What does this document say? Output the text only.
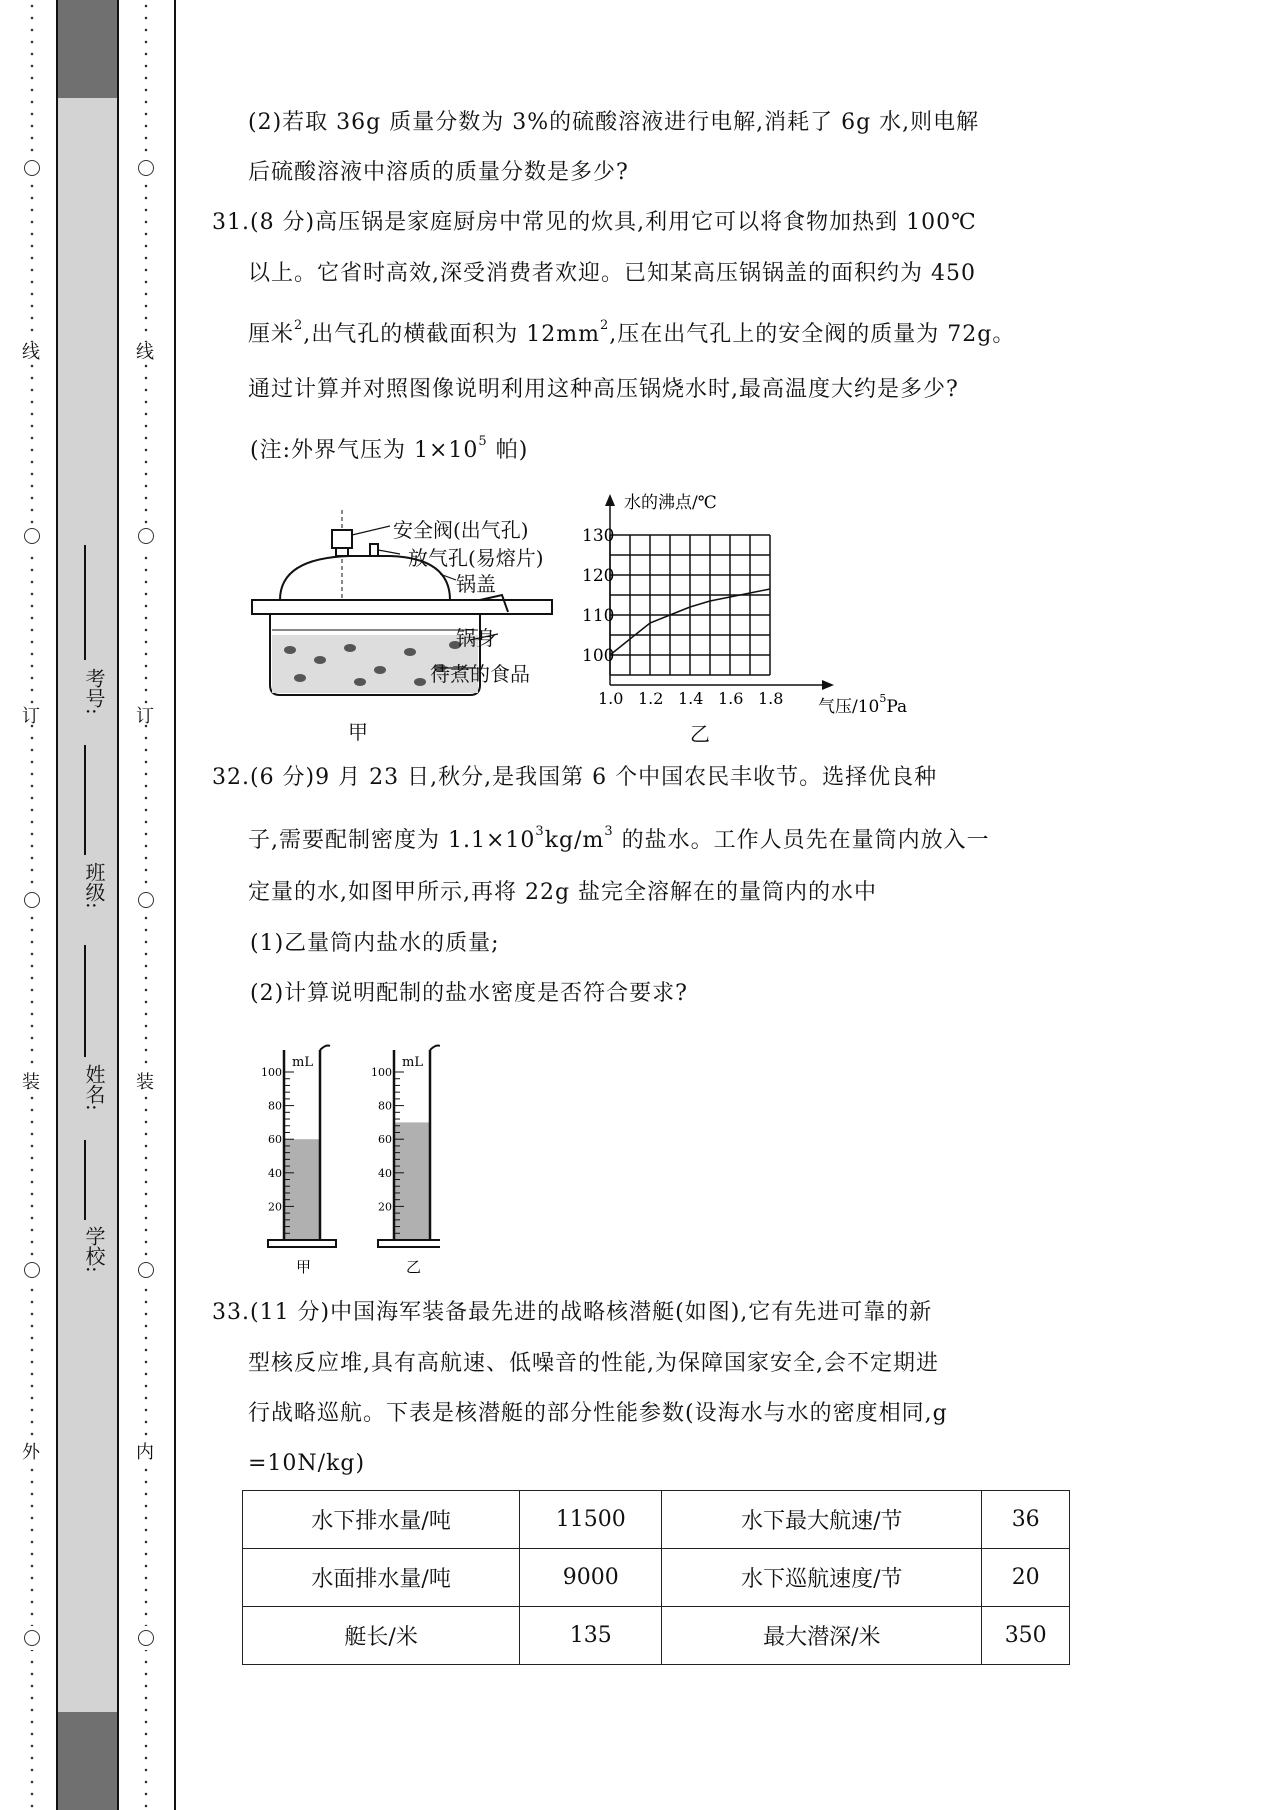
线
订
装
外
线
订
装
内
考号:
班级:
姓名:
学校:
(2)若取 36g 质量分数为 3%的硫酸溶液进行电解,消耗了 6g 水,则电解
后硫酸溶液中溶质的质量分数是多少?
31.(8 分)高压锅是家庭厨房中常见的炊具,利用它可以将食物加热到 100℃
以上。它省时高效,深受消费者欢迎。已知某高压锅锅盖的面积约为 450
厘米$^2$,出气孔的横截面积为 $12mm^2$,压在出气孔上的安全阀的质量为 72g。
通过计算并对照图像说明利用这种高压锅烧水时,最高温度大约是多少?
(注:外界气压为 $1\times 10^5$ 帕)
安全阀(出气孔)
放气孔(易熔片)
锅盖
锅身
待煮的食品
甲
水的沸点/℃
100
110
120
130
1.0 1.2 1.4 1.6 1.8 气压$/10^5Pa$
乙
32.(6 分)9 月 23 日,秋分,是我国第 6 个中国农民丰收节。选择优良种
子,需要配制密度为 $1.1\times 10^3kg/m^3$ 的盐水。工作人员先在量筒内放入一
定量的水,如图甲所示,再将 22g 盐完全溶解在的量筒内的水中
(1)乙量筒内盐水的质量;
(2)计算说明配制的盐水密度是否符合要求?
mL
100
80
60
40
20
甲
mL
100
80
60
40
20
乙
33.(11 分)中国海军装备最先进的战略核潜艇(如图),它有先进可靠的新
型核反应堆,具有高航速、低噪音的性能,为保障国家安全,会不定期进
行战略巡航。下表是核潜艇的部分性能参数(设海水与水的密度相同,g
=10N/kg)
水下排水量/吨	11500	水下最大航速/节	36
水面排水量/吨	9000	水下巡航速度/节	20
艇长/米	135	最大潜深/米	350
